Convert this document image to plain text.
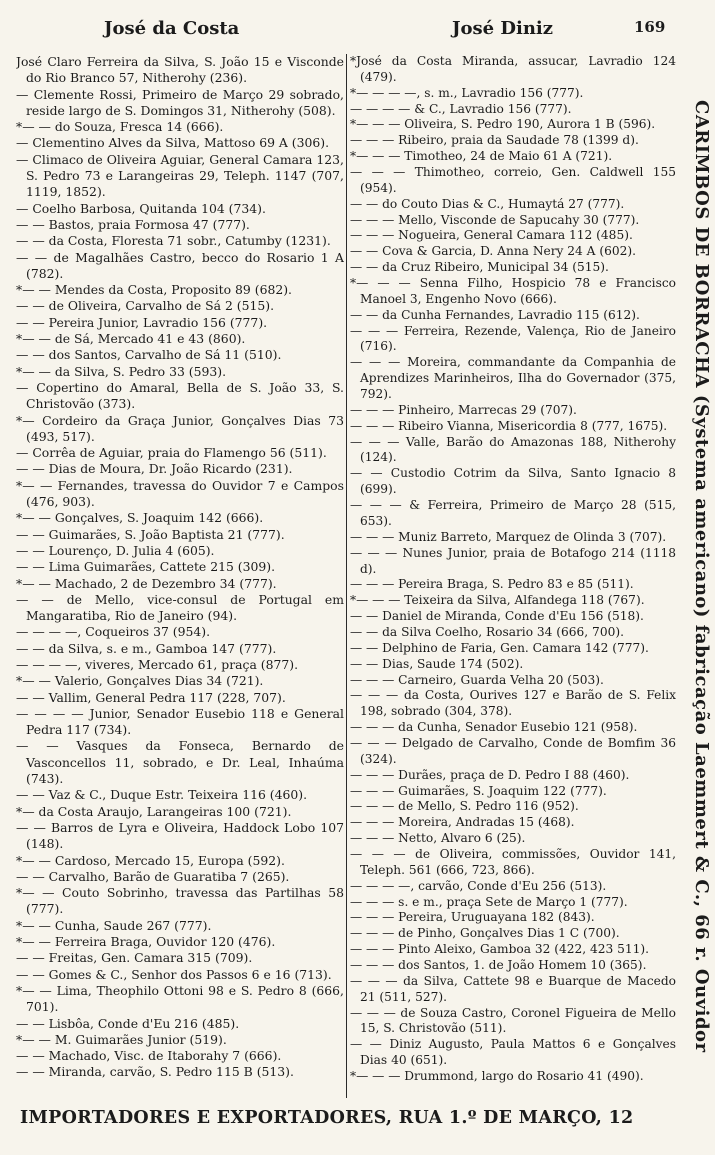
José da Costa	José Diniz	169

José Claro Ferreira da Silva, S. João 15 e Visconde do Rio Branco 57, Nitherohy (236).

— Clemente Rossi, Primeiro de Março 29 sobrado, reside largo de S. Domingos 31, Nitherohy (508).

*— — do Souza, Fresca 14 (666).

— Clementino Alves da Silva, Mattoso 69 A (306).

— Climaco de Oliveira Aguiar, General Camara 123, S. Pedro 73 e Larangeiras 29, Teleph. 1147 (707, 1119, 1852).

— Coelho Barbosa, Quitanda 104 (734).

— — Bastos, praia Formosa 47 (777).

— — da Costa, Floresta 71 sobr., Catumby (1231).

— — de Magalhães Castro, becco do Rosario 1 A (782).

*— — Mendes da Costa, Proposito 89 (682).

— — de Oliveira, Carvalho de Sá 2 (515).

— — Pereira Junior, Lavradio 156 (777).

*— — de Sá, Mercado 41 e 43 (860).

— — dos Santos, Carvalho de Sá 11 (510).

*— — da Silva, S. Pedro 33 (593).

— Copertino do Amaral, Bella de S. João 33, S. Christovão (373).

*— Cordeiro da Graça Junior, Gonçalves Dias 73 (493, 517).

— Corrêa de Aguiar, praia do Flamengo 56 (511).

— — Dias de Moura, Dr. João Ricardo (231).

*— — Fernandes, travessa do Ouvidor 7 e Campos (476, 903).

*— — Gonçalves, S. Joaquim 142 (666).

— — Guimarães, S. João Baptista 21 (777).

— — Lourenço, D. Julia 4 (605).

— — Lima Guimarães, Cattete 215 (309).

*— — Machado, 2 de Dezembro 34 (777).

— — de Mello, vice-consul de Portugal em Mangaratiba, Rio de Janeiro (94).

— — — —, Coqueiros 37 (954).

— — da Silva, s. e m., Gamboa 147 (777).

— — — —, viveres, Mercado 61, praça (877).

*— — Valerio, Gonçalves Dias 34 (721).

— — Vallim, General Pedra 117 (228, 707).

— — — — Junior, Senador Eusebio 118 e General Pedra 117 (734).

— — Vasques da Fonseca, Bernardo de Vasconcellos 11, sobrado, e Dr. Leal, Inhaúma (743).

— — Vaz & C., Duque Estr. Teixeira 116 (460).

*— da Costa Araujo, Larangeiras 100 (721).

— — Barros de Lyra e Oliveira, Haddock Lobo 107 (148).

*— — Cardoso, Mercado 15, Europa (592).

— — Carvalho, Barão de Guaratiba 7 (265).

*— — Couto Sobrinho, travessa das Partilhas 58 (777).

*— — Cunha, Saude 267 (777).

*— — Ferreira Braga, Ouvidor 120 (476).

— — Freitas, Gen. Camara 315 (709).

— — Gomes & C., Senhor dos Passos 6 e 16 (713).

*— — Lima, Theophilo Ottoni 98 e S. Pedro 8 (666, 701).

— — Lisbôa, Conde d'Eu 216 (485).

*— — M. Guimarães Junior (519).

— — Machado, Visc. de Itaborahy 7 (666).

— — Miranda, carvão, S. Pedro 115 B (513).

*José da Costa Miranda, assucar, Lavradio 124 (479).

*— — — —, s. m., Lavradio 156 (777).

— — — — & C., Lavradio 156 (777).

*— — — Oliveira, S. Pedro 190, Aurora 1 B (596).

— — — Ribeiro, praia da Saudade 78 (1399 d).

*— — — Timotheo, 24 de Maio 61 A (721).

— — — Thimotheo, correio, Gen. Caldwell 155 (954).

— — do Couto Dias & C., Humaytá 27 (777).

— — — Mello, Visconde de Sapucahy 30 (777).

— — — Nogueira, General Camara 112 (485).

— — Cova & Garcia, D. Anna Nery 24 A (602).

— — da Cruz Ribeiro, Municipal 34 (515).

*— — — Senna Filho, Hospicio 78 e Francisco Manoel 3, Engenho Novo (666).

— — da Cunha Fernandes, Lavradio 115 (612).

— — — Ferreira, Rezende, Valença, Rio de Janeiro (716).

— — — Moreira, commandante da Companhia de Aprendizes Marinheiros, Ilha do Governador (375, 792).

— — — Pinheiro, Marrecas 29 (707).

— — — Ribeiro Vianna, Misericordia 8 (777, 1675).

— — — Valle, Barão do Amazonas 188, Nitherohy (124).

— — Custodio Cotrim da Silva, Santo Ignacio 8 (699).

— — — & Ferreira, Primeiro de Março 28 (515, 653).

— — — Muniz Barreto, Marquez de Olinda 3 (707).

— — — Nunes Junior, praia de Botafogo 214 (1118 d).

— — — Pereira Braga, S. Pedro 83 e 85 (511).

*— — — Teixeira da Silva, Alfandega 118 (767).

— — Daniel de Miranda, Conde d'Eu 156 (518).

— — da Silva Coelho, Rosario 34 (666, 700).

— — Delphino de Faria, Gen. Camara 142 (777).

— — Dias, Saude 174 (502).

— — — Carneiro, Guarda Velha 20 (503).

— — — da Costa, Ourives 127 e Barão de S. Felix 198, sobrado (304, 378).

— — — da Cunha, Senador Eusebio 121 (958).

— — — Delgado de Carvalho, Conde de Bomfim 36 (324).

— — — Durães, praça de D. Pedro I 88 (460).

— — — Guimarães, S. Joaquim 122 (777).

— — — de Mello, S. Pedro 116 (952).

— — — Moreira, Andradas 15 (468).

— — — Netto, Alvaro 6 (25).

— — — de Oliveira, commissões, Ouvidor 141, Teleph. 561 (666, 723, 866).

— — — —, carvão, Conde d'Eu 256 (513).

— — — s. e m., praça Sete de Março 1 (777).

— — — Pereira, Uruguayana 182 (843).

— — — de Pinho, Gonçalves Dias 1 C (700).

— — — Pinto Aleixo, Gamboa 32 (422, 423 511).

— — — dos Santos, 1. de João Homem 10 (365).

— — — da Silva, Cattete 98 e Buarque de Macedo 21 (511, 527).

— — — de Souza Castro, Coronel Figueira de Mello 15, S. Christovão (511).

— — Diniz Augusto, Paula Mattos 6 e Gonçalves Dias 40 (651).

*— — — Drummond, largo do Rosario 41 (490).

CARIMBOS DE BORRACHA (Systema americano) fabricação Laemmert & C., 66 r. Ouvidor
IMPORTADORES E EXPORTADORES, RUA 1.º DE MARÇO, 12
